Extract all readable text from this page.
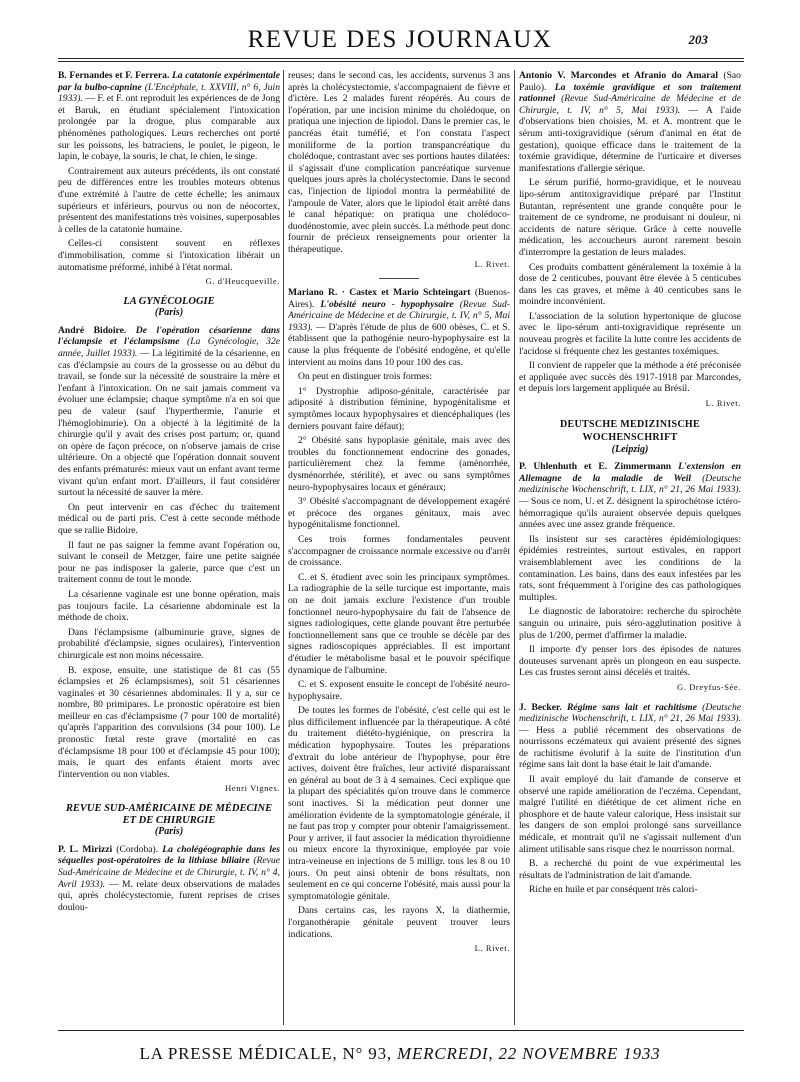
REVUE DES JOURNAUX	203

B. Fernandes et F. Ferrera. La catatonie expérimentale par la bulbo-capnine (L'Encéphale, t. XXVIII, n° 6, Juin 1933). — F. et F. ont reproduit les expériences de de Jong et Baruk, en étudiant spécialement l'intoxication prolongée par la drogue, plus comparable aux phénomènes pathologiques. Leurs recherches ont porté sur les poissons, les batraciens, le poulet, le pigeon, le lapin, le cobaye, la souris, le chat, le chien, le singe.

Contrairement aux auteurs précédents, ils ont constaté peu de différences entre les troubles moteurs obtenus d'une extrémité à l'autre de cette échelle; les animaux supérieurs et inférieurs, pourvus ou non de néocortex, présentent des manifestations très voisines, superposables à celles de la catatonie humaine.

Celles-ci consistent souvent en réflexes d'immobilisation, comme si l'intoxication libérait un automatisme préformé, inhibé à l'état normal.

G. d'Heucqueville.

LA GYNÉCOLOGIE

(Paris)

André Bidoire. De l'opération césarienne dans l'éclampsie et l'éclampsisme (La Gynécologie, 32e année, Juillet 1933). — La légitimité de la césarienne, en cas d'éclampsie au cours de la grossesse ou au début du travail, se fonde sur la nécessité de soustraire la mère et l'enfant à l'intoxication. On ne sait jamais comment va évoluer une éclampsie; chaque symptôme n'a en soi que peu de valeur (sauf l'hyperthermie, l'anurie et l'hémoglobinurie). On a objecté à la légitimité de la chirurgie qu'il y avait des crises post partum; or, quand on opère de façon précoce, on n'observe jamais de crise ultérieure. On a objecté que l'opération donnait souvent des enfants prématurés: mieux vaut un enfant avant terme vivant qu'un enfant mort. D'ailleurs, il faut considérer surtout la nécessité de sauver la mère.

On peut intervenir en cas d'échec du traitement médical ou de parti pris. C'est à cette seconde méthode que se rallie Bidoire.

Il faut ne pas saigner la femme avant l'opération ou, suivant le conseil de Metzger, faire une petite saignée pour ne pas indisposer la galerie, parce que c'est un traitement connu de tout le monde.

La césarienne vaginale est une bonne opération, mais pas toujours facile. La césarienne abdominale est la méthode de choix.

Dans l'éclampsisme (albuminurie grave, signes de probabilité d'éclampsie, signes oculaires), l'intervention chirurgicale est non moins nécessaire.

B. expose, ensuite, une statistique de 81 cas (55 éclampsies et 26 éclampsismes), soit 51 césariennes vaginales et 30 césariennes abdominales. Il y a, sur ce nombre, 80 primipares. Le pronostic opératoire est bien meilleur en cas d'éclampsisme (7 pour 100 de mortalité) qu'après l'apparition des convulsions (34 pour 100). Le pronostic fœtal reste grave (mortalité en cas d'éclampsisme 18 pour 100 et d'éclampsie 45 pour 100); mais, le quart des enfants étaient morts avec l'intervention ou non viables.

Henri Vignes.

REVUE SUD-AMÉRICAINE DE MÉDECINE ET DE CHIRURGIE

(Paris)

P. L. Mirizzi (Cordoba). La cholégéographie dans les séquelles post-opératoires de la lithiase biliaire (Revue Sud-Américaine de Médecine et de Chirurgie, t. IV, n° 4, Avril 1933). — M. relate deux observations de malades qui, après cholécystectomie, furent reprises de crises doulou-

reuses; dans le second cas, les accidents, survenus 3 ans après la cholécystectomie, s'accompagnaient de fièvre et d'ictère. Les 2 malades furent réopérés. Au cours de l'opération, par une incision minime du cholédoque, on pratiqua une injection de lipiodol. Dans le premier cas, le pancréas était tuméfié, et l'on constata l'aspect moniliforme de la portion transpancréatique du cholédoque, contrastant avec ses portions hautes dilatées: il s'agissait d'une complication pancréatique survenue quelques jours après la cholécystectomie. Dans le second cas, l'injection de lipiodol montra la perméabilité de l'ampoule de Vater, alors que le lipiodol était arrêté dans le canal hépatique: on pratiqua une cholédoco-duodénostomie, avec plein succès. La méthode peut donc fournir de précieux renseignements pour orienter la thérapeutique.

L. Rivet.

Mariano R. · Castex et Mario Schteingart (Buenos-Aires). L'obésité neuro - hypophysaire (Revue Sud-Américaine de Médecine et de Chirurgie, t. IV, n° 5, Mai 1933). — D'après l'étude de plus de 600 obèses, C. et S. établissent que la pathogénie neuro-hypophysaire est la cause la plus fréquente de l'obésité endogène, et qu'elle intervient au moins dans 10 pour 100 des cas.

On peut en distinguer trois formes:

1° Dystrophie adiposo-génitale, caractérisée par adiposité à distribution féminine, hypogénitalisme et symptômes locaux hypophysaires et diencéphaliques (les derniers pouvant faire défaut);

2° Obésité sans hypoplasie génitale, mais avec des troubles du fonctionnement endocrine des gonades, particulièrement chez la femme (aménorrhée, dysménorrhée, stérilité), et avec ou sans symptômes neuro-hypophysaires locaux et généraux;

3° Obésité s'accompagnant de développement exagéré et précoce des organes génitaux, mais avec hypogénitalisme fonctionnel.

Ces trois formes fondamentales peuvent s'accompagner de croissance normale excessive ou d'arrêt de croissance.

C. et S. étudient avec soin les principaux symptômes. La radiographie de la selle turcique est importante, mais on ne doit jamais exclure l'existence d'un trouble fonctionnel neuro-hypophysaire du fait de l'absence de signes radiologiques, cette glande pouvant être perturbée fonctionnellement sans que ce trouble se décèle par des signes radioscopiques appréciables. Il est important d'étudier le métabolisme basal et le pouvoir spécifique dynamique de l'albumine.

C. et S. exposent ensuite le concept de l'obésité neuro-hypophysaire.

De toutes les formes de l'obésité, c'est celle qui est le plus difficilement influencée par la thérapeutique. A côté du traitement diététo-hygiénique, on prescrira la médication hypophysaire. Toutes les préparations d'extrait du lobe antérieur de l'hypophyse, pour être actives, doivent être fraîches, leur activité disparaissant en général au bout de 3 à 4 semaines. Ceci explique que la plupart des spécialités qu'on trouve dans le commerce sont inactives. Si la médication peut donner une amélioration évidente de la symptomatologie générale, il ne faut pas trop y compter pour obtenir l'amaigrissement. Pour y arriver, il faut associer la médication thyroïdienne ou mieux encore la thyroxinique, employée par voie intra-veineuse en injections de 5 milligr. tous les 8 ou 10 jours. On peut ainsi obtenir de bons résultats, non seulement en ce qui concerne l'obésité, mais aussi pour la symptomatologie génitale.

Dans certains cas, les rayons X, la diathermie, l'organothérapie génitale peuvent trouver leurs indications.

L. Rivet.

Antonio V. Marcondes et Afranio do Amaral (Sao Paulo). La toxémie gravidique et son traitement rationnel (Revue Sud-Américaine de Médecine et de Chirurgie, t. IV, n° 5, Mai 1933). — A l'aide d'observations bien choisies, M. et A. montrent que le sérum anti-toxigravidique (sérum d'animal en état de gestation), quoique efficace dans le traitement de la toxémie gravidique, détermine de l'urticaire et diverses manifestations d'allergie sérique.

Le sérum purifié, hormo-gravidique, et le nouveau lipo-sérum antitoxigravidique préparé par l'Institut Butantan, représentent une grande conquête pour le traitement de ce syndrome, ne produisant ni douleur, ni accidents de nature sérique. Grâce à cette nouvelle médication, les accoucheurs auront rarement besoin d'interrompre la gestation de leurs malades.

Ces produits combattent généralement la toxémie à la dose de 2 centicubes, pouvant être élevée à 5 centicubes dans les cas graves, et même à 40 centicubes sans le moindre inconvénient.

L'association de la solution hypertonique de glucose avec le lipo-sérum anti-toxigravidique représente un nouveau progrès et facilite la lutte contre les accidents de l'acidose si fréquente chez les gestantes toxémiques.

Il convient de rappeler que la méthode a été préconisée et appliquée avec succès dès 1917-1918 par Marcondes, et depuis lors largement appliquée au Brésil.

L. Rivet.

DEUTSCHE MEDIZINISCHE WOCHENSCHRIFT

(Leipzig)

P. Uhlenhuth et E. Zimmermann L'extension en Allemagne de la maladie de Weil (Deutsche medizinische Wochenschrift, t. LIX, n° 21, 26 Mai 1933). — Sous ce nom, U. et Z. désignent la spirochétose ictéro-hémorragique qu'ils auraient observée depuis quelques années avec une assez grande fréquence.

Ils insistent sur ses caractères épidémiologiques: épidémies restreintes, surtout estivales, en rapport vraisemblablement avec les conditions de la contamination. Les bains, dans des eaux infestées par les rats, sont fréquemment à l'origine des cas pathologiques multiples.

Le diagnostic de laboratoire: recherche du spirochète sanguin ou urinaire, puis séro-agglutination positive à plus de 1/200, permet d'affirmer la maladie.

Il importe d'y penser lors des épisodes de natures douteuses survenant après un plongeon en eau suspecte. Les cas frustes seront ainsi décelés et traités.

G. Dreyfus-Sée.

J. Becker. Régime sans lait et rachitisme (Deutsche medizinische Wochenschrift, t. LIX, n° 21, 26 Mai 1933). — Hess a publié récemment des observations de nourrissons eczémateux qui avaient présenté des signes de rachitisme évolutif à la suite de l'institution d'un régime sans lait dont la base était le lait d'amande.

Il avait employé du lait d'amande de conserve et observé une rapide amélioration de l'eczéma. Cependant, malgré l'utilité en diététique de cet aliment riche en phosphore et de haute valeur calorique, Hess insistait sur les dangers de son emploi prolongé sans surveillance médicale, et montrait qu'il ne s'agissait nullement d'un aliment utilisable sans risque chez le nourrisson normal.

B. a recherché du point de vue expérimental les résultats de l'administration de lait d'amande.

Riche en huile et par conséquent très calori-

LA PRESSE MÉDICALE, N° 93, MERCREDI, 22 NOVEMBRE 1933
